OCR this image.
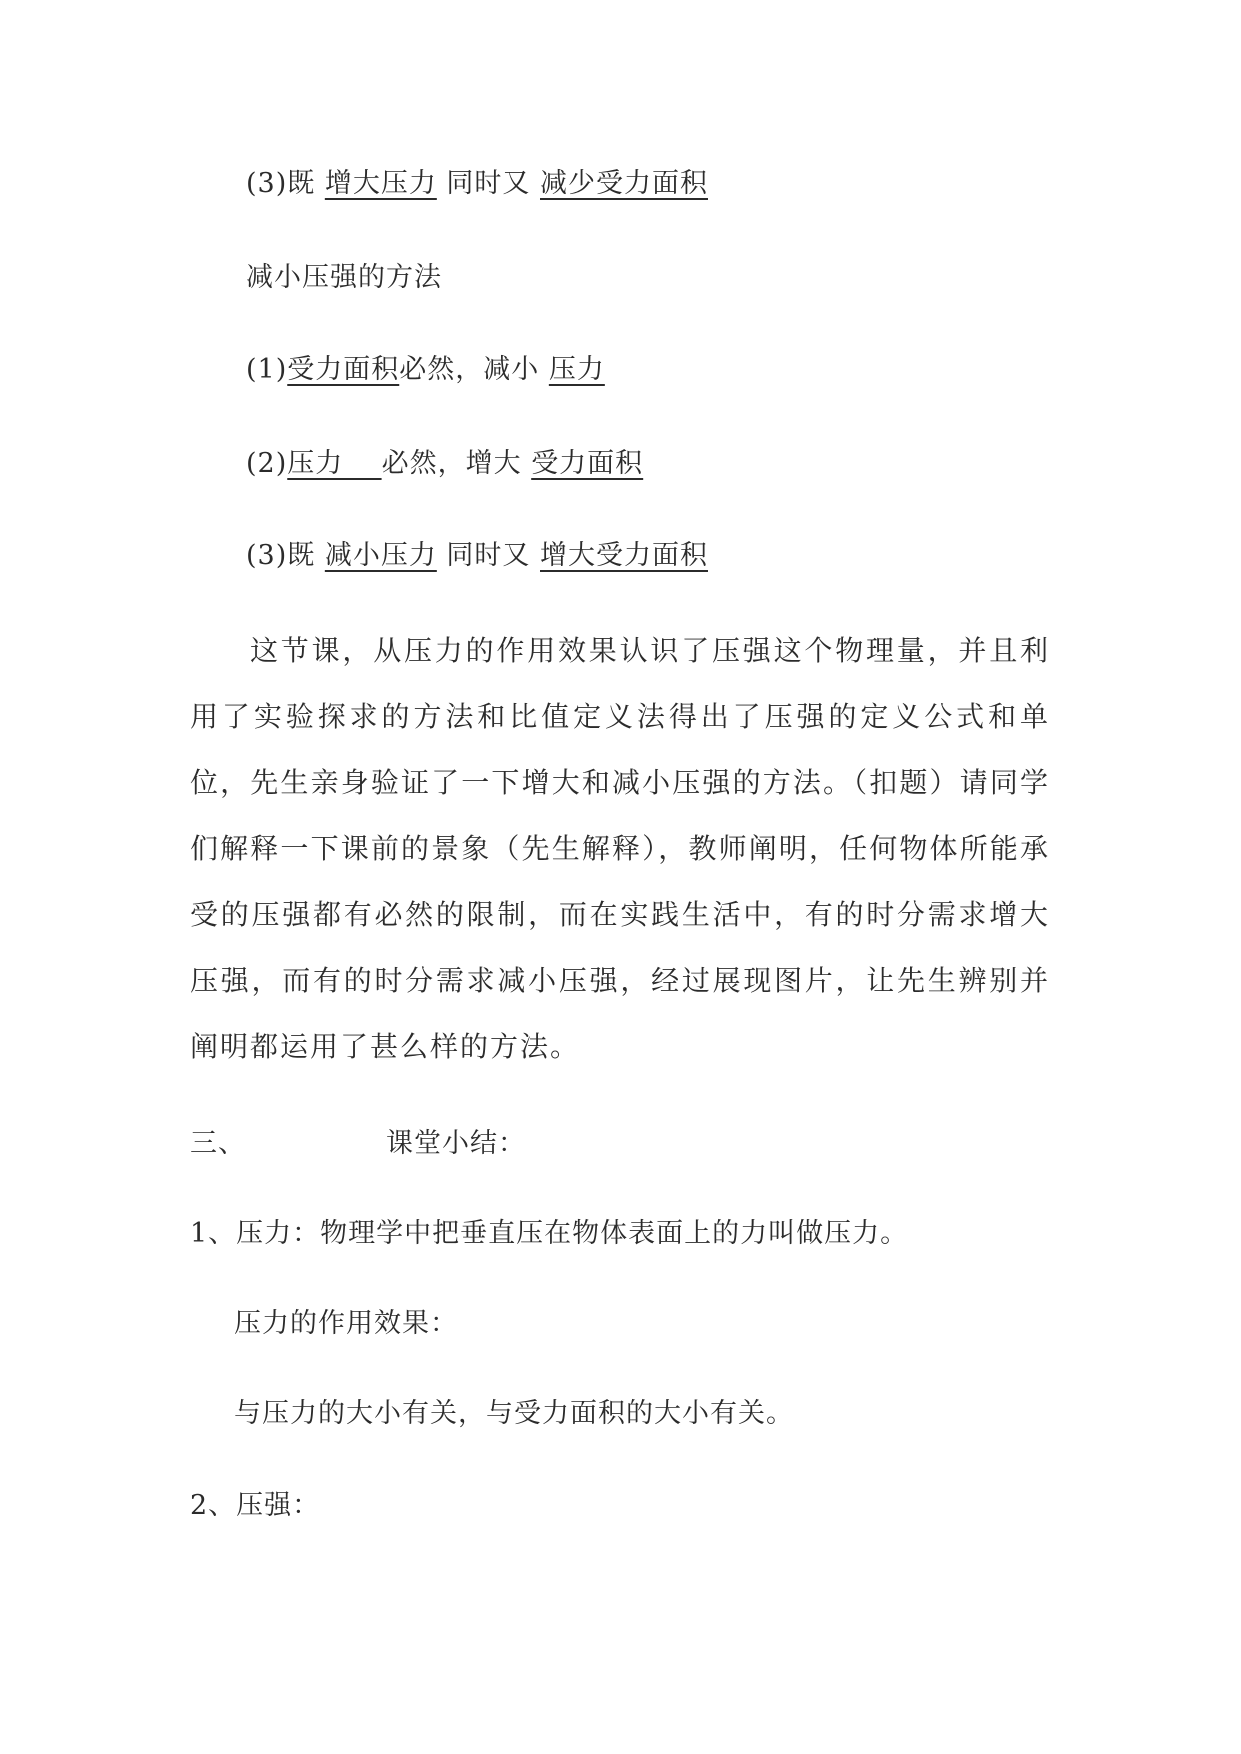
(3)既 增大压力 同时又 减少受力面积
减小压强的方法
(1)受力面积必然，减小 压力
(2)压力    必然，增大 受力面积
(3)既 减小压力 同时又 增大受力面积
这节课，从压力的作用效果认识了压强这个物理量，并且利用了实验探求的方法和比值定义法得出了压强的定义公式和单位，先生亲身验证了一下增大和减小压强的方法。（扣题）请同学们解释一下课前的景象（先生解释），教师阐明，任何物体所能承受的压强都有必然的限制，而在实践生活中，有的时分需求增大压强，而有的时分需求减小压强，经过展现图片，让先生辨别并阐明都运用了甚么样的方法。
三、	课堂小结：
1、压力：物理学中把垂直压在物体表面上的力叫做压力。
压力的作用效果：
与压力的大小有关，与受力面积的大小有关。
2、压强：
